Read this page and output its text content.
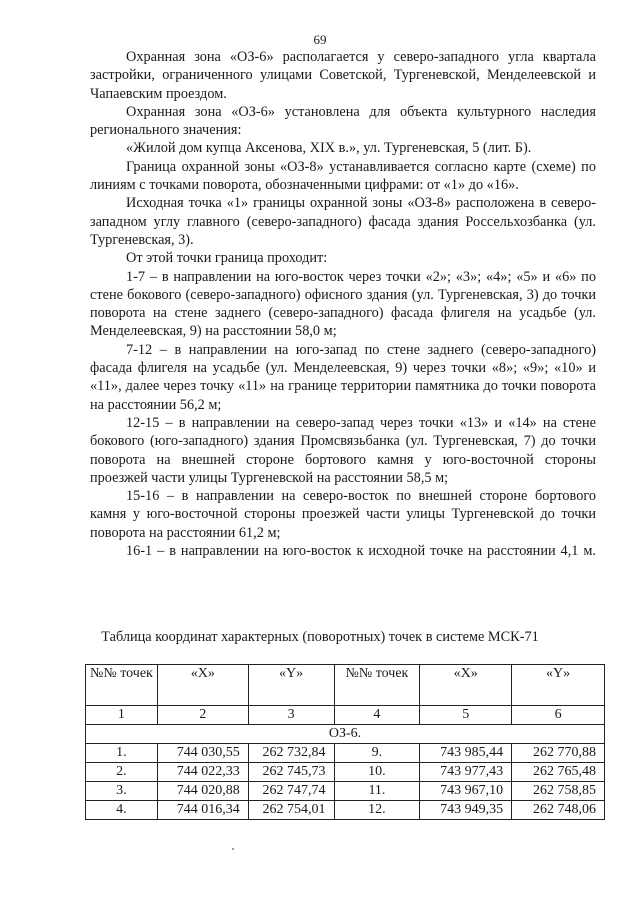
69

Охранная зона «ОЗ-6» располагается у северо-западного угла квартала застройки, ограниченного улицами Советской, Тургеневской, Менделеевской и Чапаевским проездом.

Охранная зона «ОЗ-6» установлена для объекта культурного наследия регионального значения:

«Жилой дом купца Аксенова, XIX в.», ул. Тургеневская, 5 (лит. Б).

Граница охранной зоны «ОЗ-8» устанавливается согласно карте (схеме) по линиям с точками поворота, обозначенными цифрами: от «1» до «16».

Исходная точка «1» границы охранной зоны «ОЗ-8» расположена в северо-западном углу главного (северо-западного) фасада здания Россельхозбанка (ул. Тургеневская, 3).

От этой точки граница проходит:

1-7 – в направлении на юго-восток через точки «2»; «3»; «4»; «5» и «6» по стене бокового (северо-западного) офисного здания (ул. Тургеневская, 3) до точки поворота на стене заднего (северо-западного) фасада флигеля на усадьбе (ул. Менделеевская, 9) на расстоянии 58,0 м;

7-12 – в направлении на юго-запад по стене заднего (северо-западного) фасада флигеля на усадьбе (ул. Менделеевская, 9) через точки «8»; «9»; «10» и «11», далее через точку «11» на границе территории памятника до точки поворота на расстоянии 56,2 м;

12-15 – в направлении на северо-запад через точки «13» и «14» на стене бокового (юго-западного) здания Промсвязьбанка (ул. Тургеневская, 7) до точки поворота на внешней стороне бортового камня у юго-восточной стороны проезжей части улицы Тургеневской на расстоянии 58,5 м;

15-16 – в направлении на северо-восток по внешней стороне бортового камня у юго-восточной стороны проезжей части улицы Тургеневской до точки поворота на расстоянии 61,2 м;

16-1 – в направлении на юго-восток к исходной точке на расстоянии 4,1 м.

Таблица координат характерных (поворотных) точек в системе МСК-71
№№ точек	«X»	«Y»	№№ точек	«X»	«Y»
1	2	3	4	5	6
ОЗ-6.					
1.	744 030,55	262 732,84	9.	743 985,44	262 770,88
2.	744 022,33	262 745,73	10.	743 977,43	262 765,48
3.	744 020,88	262 747,74	11.	743 967,10	262 758,85
4.	744 016,34	262 754,01	12.	743 949,35	262 748,06
